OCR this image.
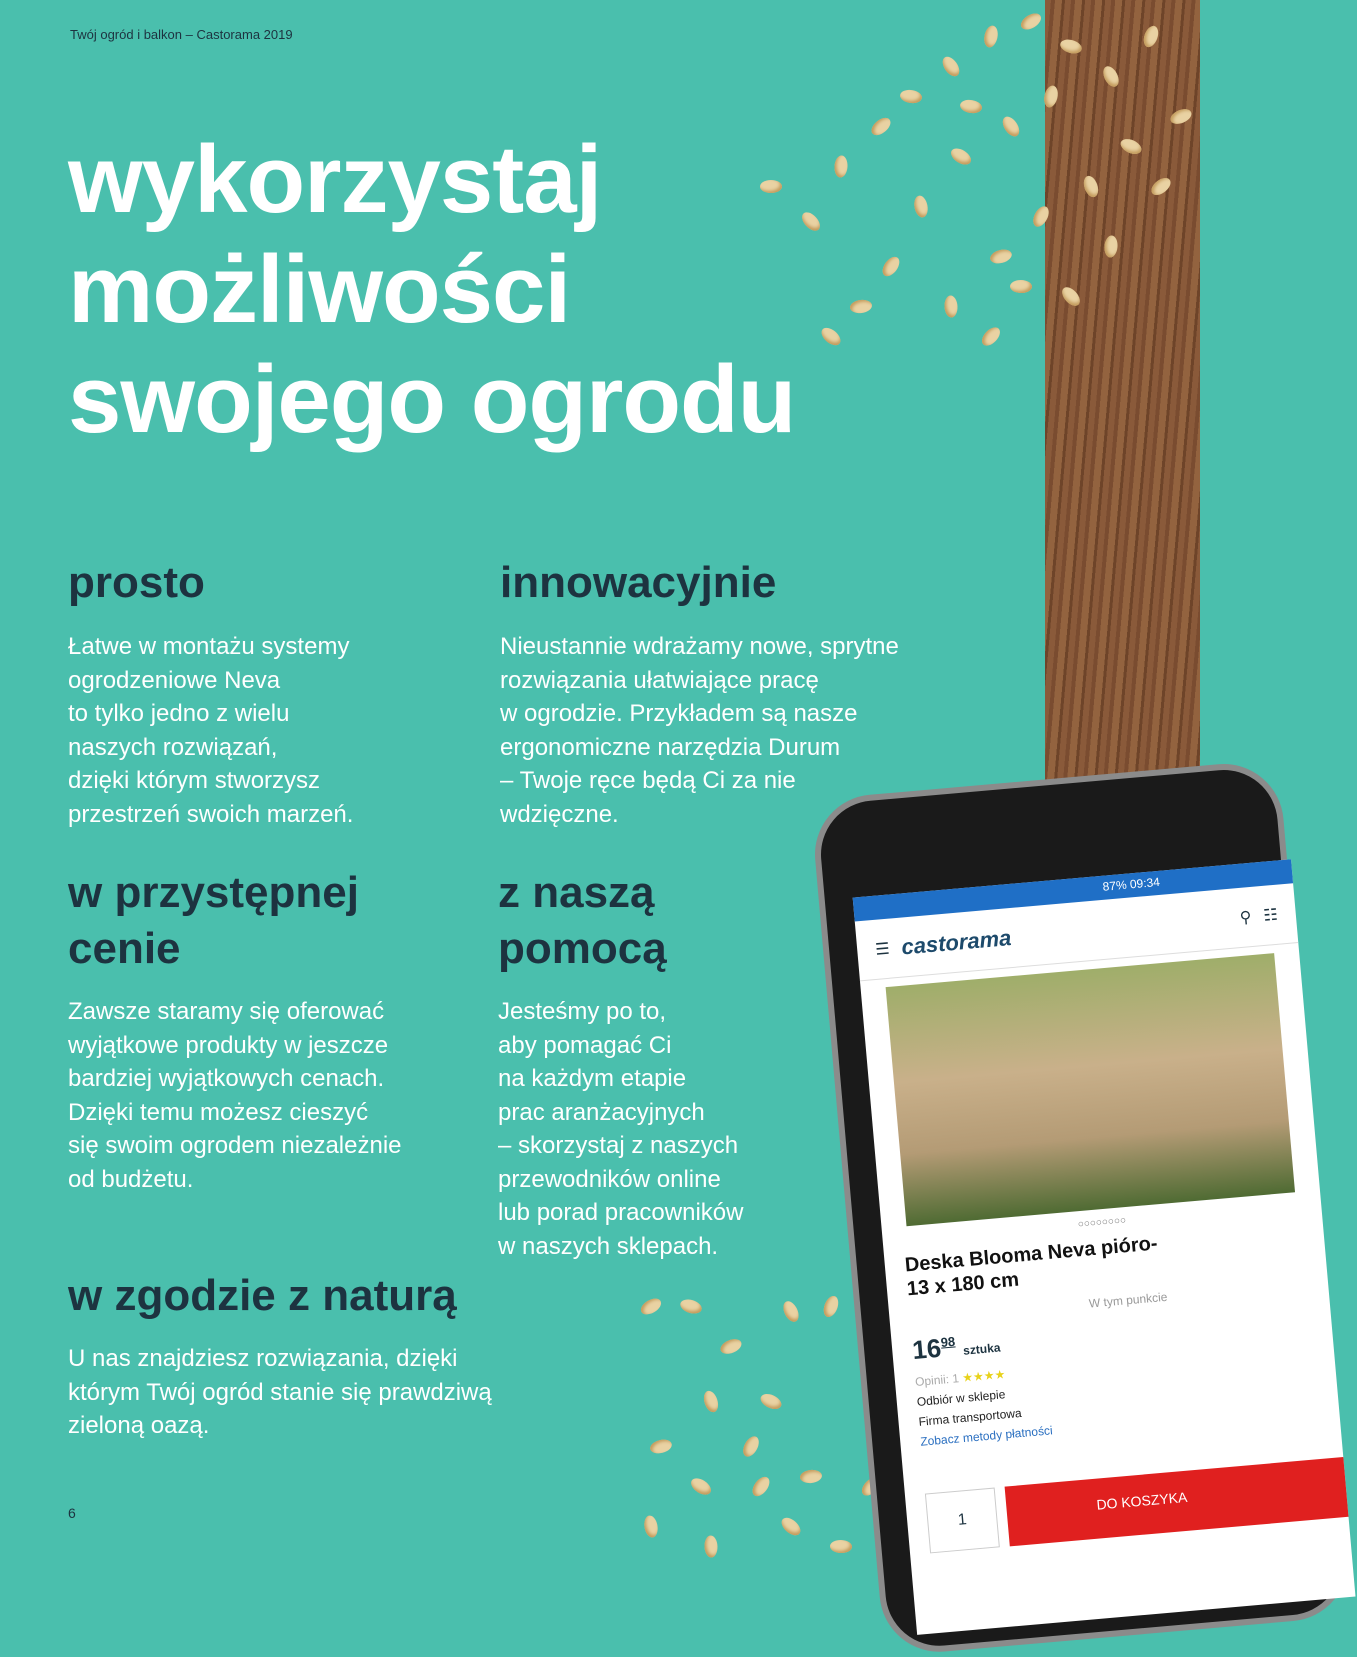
Twój ogród i balkon – Castorama 2019
wykorzystaj
możliwości
swojego ogrodu
prosto
Łatwe w montażu systemy
ogrodzeniowe Neva
to tylko jedno z wielu
naszych rozwiązań,
dzięki którym stworzysz
przestrzeń swoich marzeń.
innowacyjnie
Nieustannie wdrażamy nowe, sprytne
rozwiązania ułatwiające pracę
w ogrodzie. Przykładem są nasze
ergonomiczne narzędzia Durum
– Twoje ręce będą Ci za nie
wdzięczne.
w przystępnej
cenie
Zawsze staramy się oferować
wyjątkowe produkty w jeszcze
bardziej wyjątkowych cenach.
Dzięki temu możesz cieszyć
się swoim ogrodem niezależnie
od budżetu.
z naszą
pomocą
Jesteśmy po to,
aby pomagać Ci
na każdym etapie
prac aranżacyjnych
– skorzystaj z naszych
przewodników online
lub porad pracowników
w naszych sklepach.
w zgodzie z naturą
U nas znajdziesz rozwiązania, dzięki
którym Twój ogród stanie się prawdziwą
zieloną oazą.
6
87% 09:34
☰ castorama
⚲ ☷
○○○○○○○○
Deska Blooma Neva pióro-
13 x 180 cm	W tym punkcie
$16^{98}$ sztuka
Opinii: 1 ★★★★
Odbiór w sklepie
Firma transportowa
Zobacz metody płatności
1
DO KOSZYKA
